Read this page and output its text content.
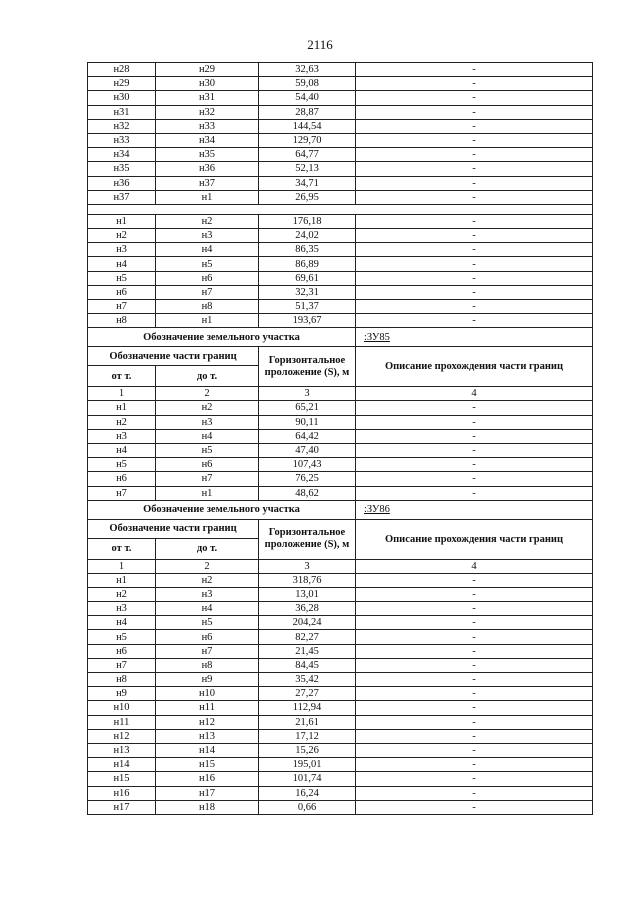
2116
н28	н29	32,63	-
н29	н30	59,08	-
н30	н31	54,40	-
н31	н32	28,87	-
н32	н33	144,54	-
н33	н34	129,70	-
н34	н35	64,77	-
н35	н36	52,13	-
н36	н37	34,71	-
н37	н1	26,95	-

н1	н2	176,18	-
н2	н3	24,02	-
н3	н4	86,35	-
н4	н5	86,89	-
н5	н6	69,61	-
н6	н7	32,31	-
н7	н8	51,37	-
н8	н1	193,67	-
Обозначение земельного участка			:ЗУ85
Обозначение части границ		Горизонтальное проложение (S), м	Описание прохождения части границ
от т.	до т.		
1	2	3	4
н1	н2	65,21	-
н2	н3	90,11	-
н3	н4	64,42	-
н4	н5	47,40	-
н5	н6	107,43	-
н6	н7	76,25	-
н7	н1	48,62	-
Обозначение земельного участка			:ЗУ86
Обозначение части границ		Горизонтальное проложение (S), м	Описание прохождения части границ
от т.	до т.		
1	2	3	4
н1	н2	318,76	-
н2	н3	13,01	-
н3	н4	36,28	-
н4	н5	204,24	-
н5	н6	82,27	-
н6	н7	21,45	-
н7	н8	84,45	-
н8	н9	35,42	-
н9	н10	27,27	-
н10	н11	112,94	-
н11	н12	21,61	-
н12	н13	17,12	-
н13	н14	15,26	-
н14	н15	195,01	-
н15	н16	101,74	-
н16	н17	16,24	-
н17	н18	0,66	-
